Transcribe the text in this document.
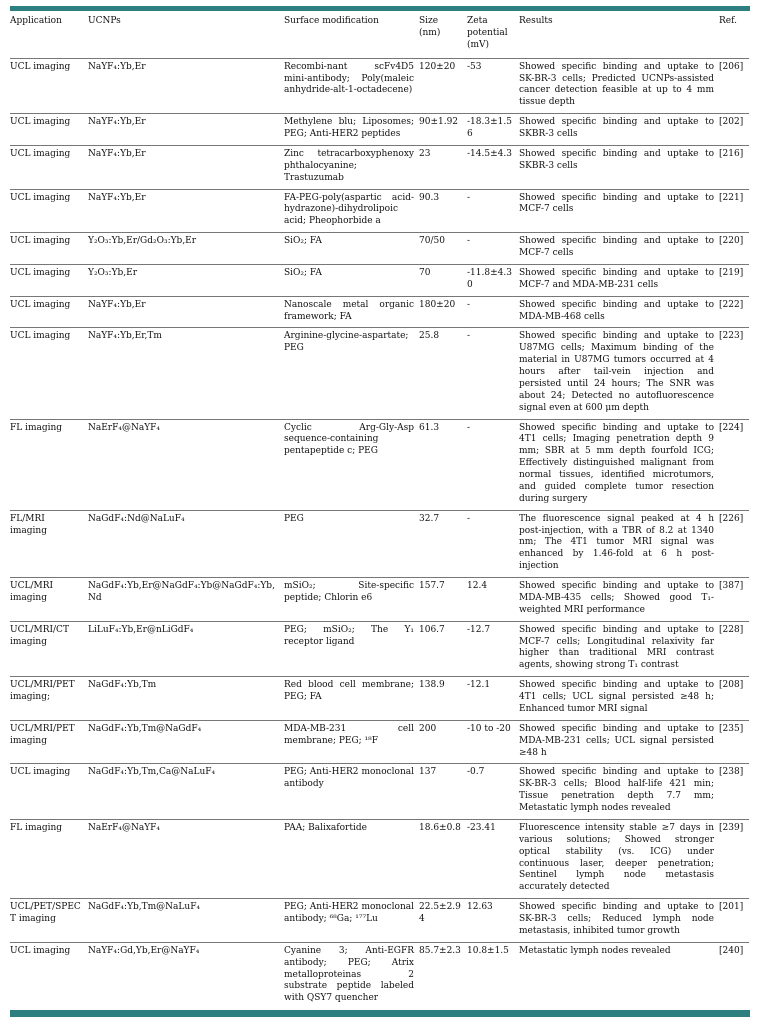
Application	UCNPs	Surface modification	Size (nm)	Zeta potential (mV)	Results	Ref.
UCL imaging	NaYF₄:Yb,Er	Recombi-nant scFv4D5 mini-antibody; Poly(maleic anhydride-alt-1-octadecene)	120±20	-53	Showed specific binding and uptake to SK-BR-3 cells; Predicted UCNPs-assisted cancer detection feasible at up to 4 mm tissue depth	[206]
UCL imaging	NaYF₄:Yb,Er	Methylene blu; Liposomes; PEG; Anti-HER2 peptides	90±1.92	-18.3±1.56	Showed specific binding and uptake to SKBR-3 cells	[202]
UCL imaging	NaYF₄:Yb,Er	Zinc tetracarboxyphenoxy phthalocyanine; Trastuzumab	23	-14.5±4.3	Showed specific binding and uptake to SKBR-3 cells	[216]
UCL imaging	NaYF₄:Yb,Er	FA-PEG-poly(aspartic acid-hydrazone)-dihydrolipoic acid; Pheophorbide a	90.3	-	Showed specific binding and uptake to MCF-7 cells	[221]
UCL imaging	Y₂O₃:Yb,Er/Gd₂O₃:Yb,Er	SiO₂; FA	70/50	-	Showed specific binding and uptake to MCF-7 cells	[220]
UCL imaging	Y₂O₃:Yb,Er	SiO₂; FA	70	-11.8±4.30	Showed specific binding and uptake to MCF-7 and MDA-MB-231 cells	[219]
UCL imaging	NaYF₄:Yb,Er	Nanoscale metal organic framework; FA	180±20	-	Showed specific binding and uptake to MDA-MB-468 cells	[222]
UCL imaging	NaYF₄:Yb,Er,Tm	Arginine-glycine-aspartate; PEG	25.8	-	Showed specific binding and uptake to U87MG cells; Maximum binding of the material in U87MG tumors occurred at 4 hours after tail-vein injection and persisted until 24 hours; The SNR was about 24; Detected no autofluorescence signal even at 600 μm depth	[223]
FL imaging	NaErF₄@NaYF₄	Cyclic Arg-Gly-Asp sequence-containing pentapeptide c; PEG	61.3	-	Showed specific binding and uptake to 4T1 cells; Imaging penetration depth 9 mm; SBR at 5 mm depth fourfold ICG; Effectively distinguished malignant from normal tissues, identified microtumors, and guided complete tumor resection during surgery	[224]
FL/MRI imaging	NaGdF₄:Nd@NaLuF₄	PEG	32.7	-	The fluorescence signal peaked at 4 h post-injection, with a TBR of 8.2 at 1340 nm; The 4T1 tumor MRI signal was enhanced by 1.46-fold at 6 h post-injection	[226]
UCL/MRI imaging	NaGdF₄:Yb,Er@NaGdF₄:Yb@NaGdF₄:Yb,Nd	mSiO₂; Site-specific peptide; Chlorin e6	157.7	12.4	Showed specific binding and uptake to MDA-MB-435 cells; Showed good T₁-weighted MRI performance	[387]
UCL/MRI/CT imaging	LiLuF₄:Yb,Er@nLiGdF₄	PEG; mSiO₂; The Y₁ receptor ligand	106.7	-12.7	Showed specific binding and uptake to MCF-7 cells; Longitudinal relaxivity far higher than traditional MRI contrast agents, showing strong T₁ contrast	[228]
UCL/MRI/PET imaging;	NaGdF₄:Yb,Tm	Red blood cell membrane; PEG; FA	138.9	-12.1	Showed specific binding and uptake to 4T1 cells; UCL signal persisted ≥48 h; Enhanced tumor MRI signal	[208]
UCL/MRI/PET imaging	NaGdF₄:Yb,Tm@NaGdF₄	MDA-MB-231 cell membrane; PEG; ¹⁸F	200	-10 to -20	Showed specific binding and uptake to MDA-MB-231 cells; UCL signal persisted ≥48 h	[235]
UCL imaging	NaGdF₄:Yb,Tm,Ca@NaLuF₄	PEG; Anti-HER2 monoclonal antibody	137	-0.7	Showed specific binding and uptake to SK-BR-3 cells; Blood half-life 421 min; Tissue penetration depth 7.7 mm; Metastatic lymph nodes revealed	[238]
FL imaging	NaErF₄@NaYF₄	PAA; Balixafortide	18.6±0.8	-23.41	Fluorescence intensity stable ≥7 days in various solutions; Showed stronger optical stability (vs. ICG) under continuous laser, deeper penetration; Sentinel lymph node metastasis accurately detected	[239]
UCL/PET/SPECT imaging	NaGdF₄:Yb,Tm@NaLuF₄	PEG; Anti-HER2 monoclonal antibody; ⁶⁸Ga; ¹⁷⁷Lu	22.5±2.94	12.63	Showed specific binding and uptake to SK-BR-3 cells; Reduced lymph node metastasis, inhibited tumor growth	[201]
UCL imaging	NaYF₄:Gd,Yb,Er@NaYF₄	Cyanine 3; Anti-EGFR antibody; PEG; Atrix metalloproteinas 2 substrate peptide labeled with QSY7 quencher	85.7±2.3	10.8±1.5	Metastatic lymph nodes revealed	[240]
